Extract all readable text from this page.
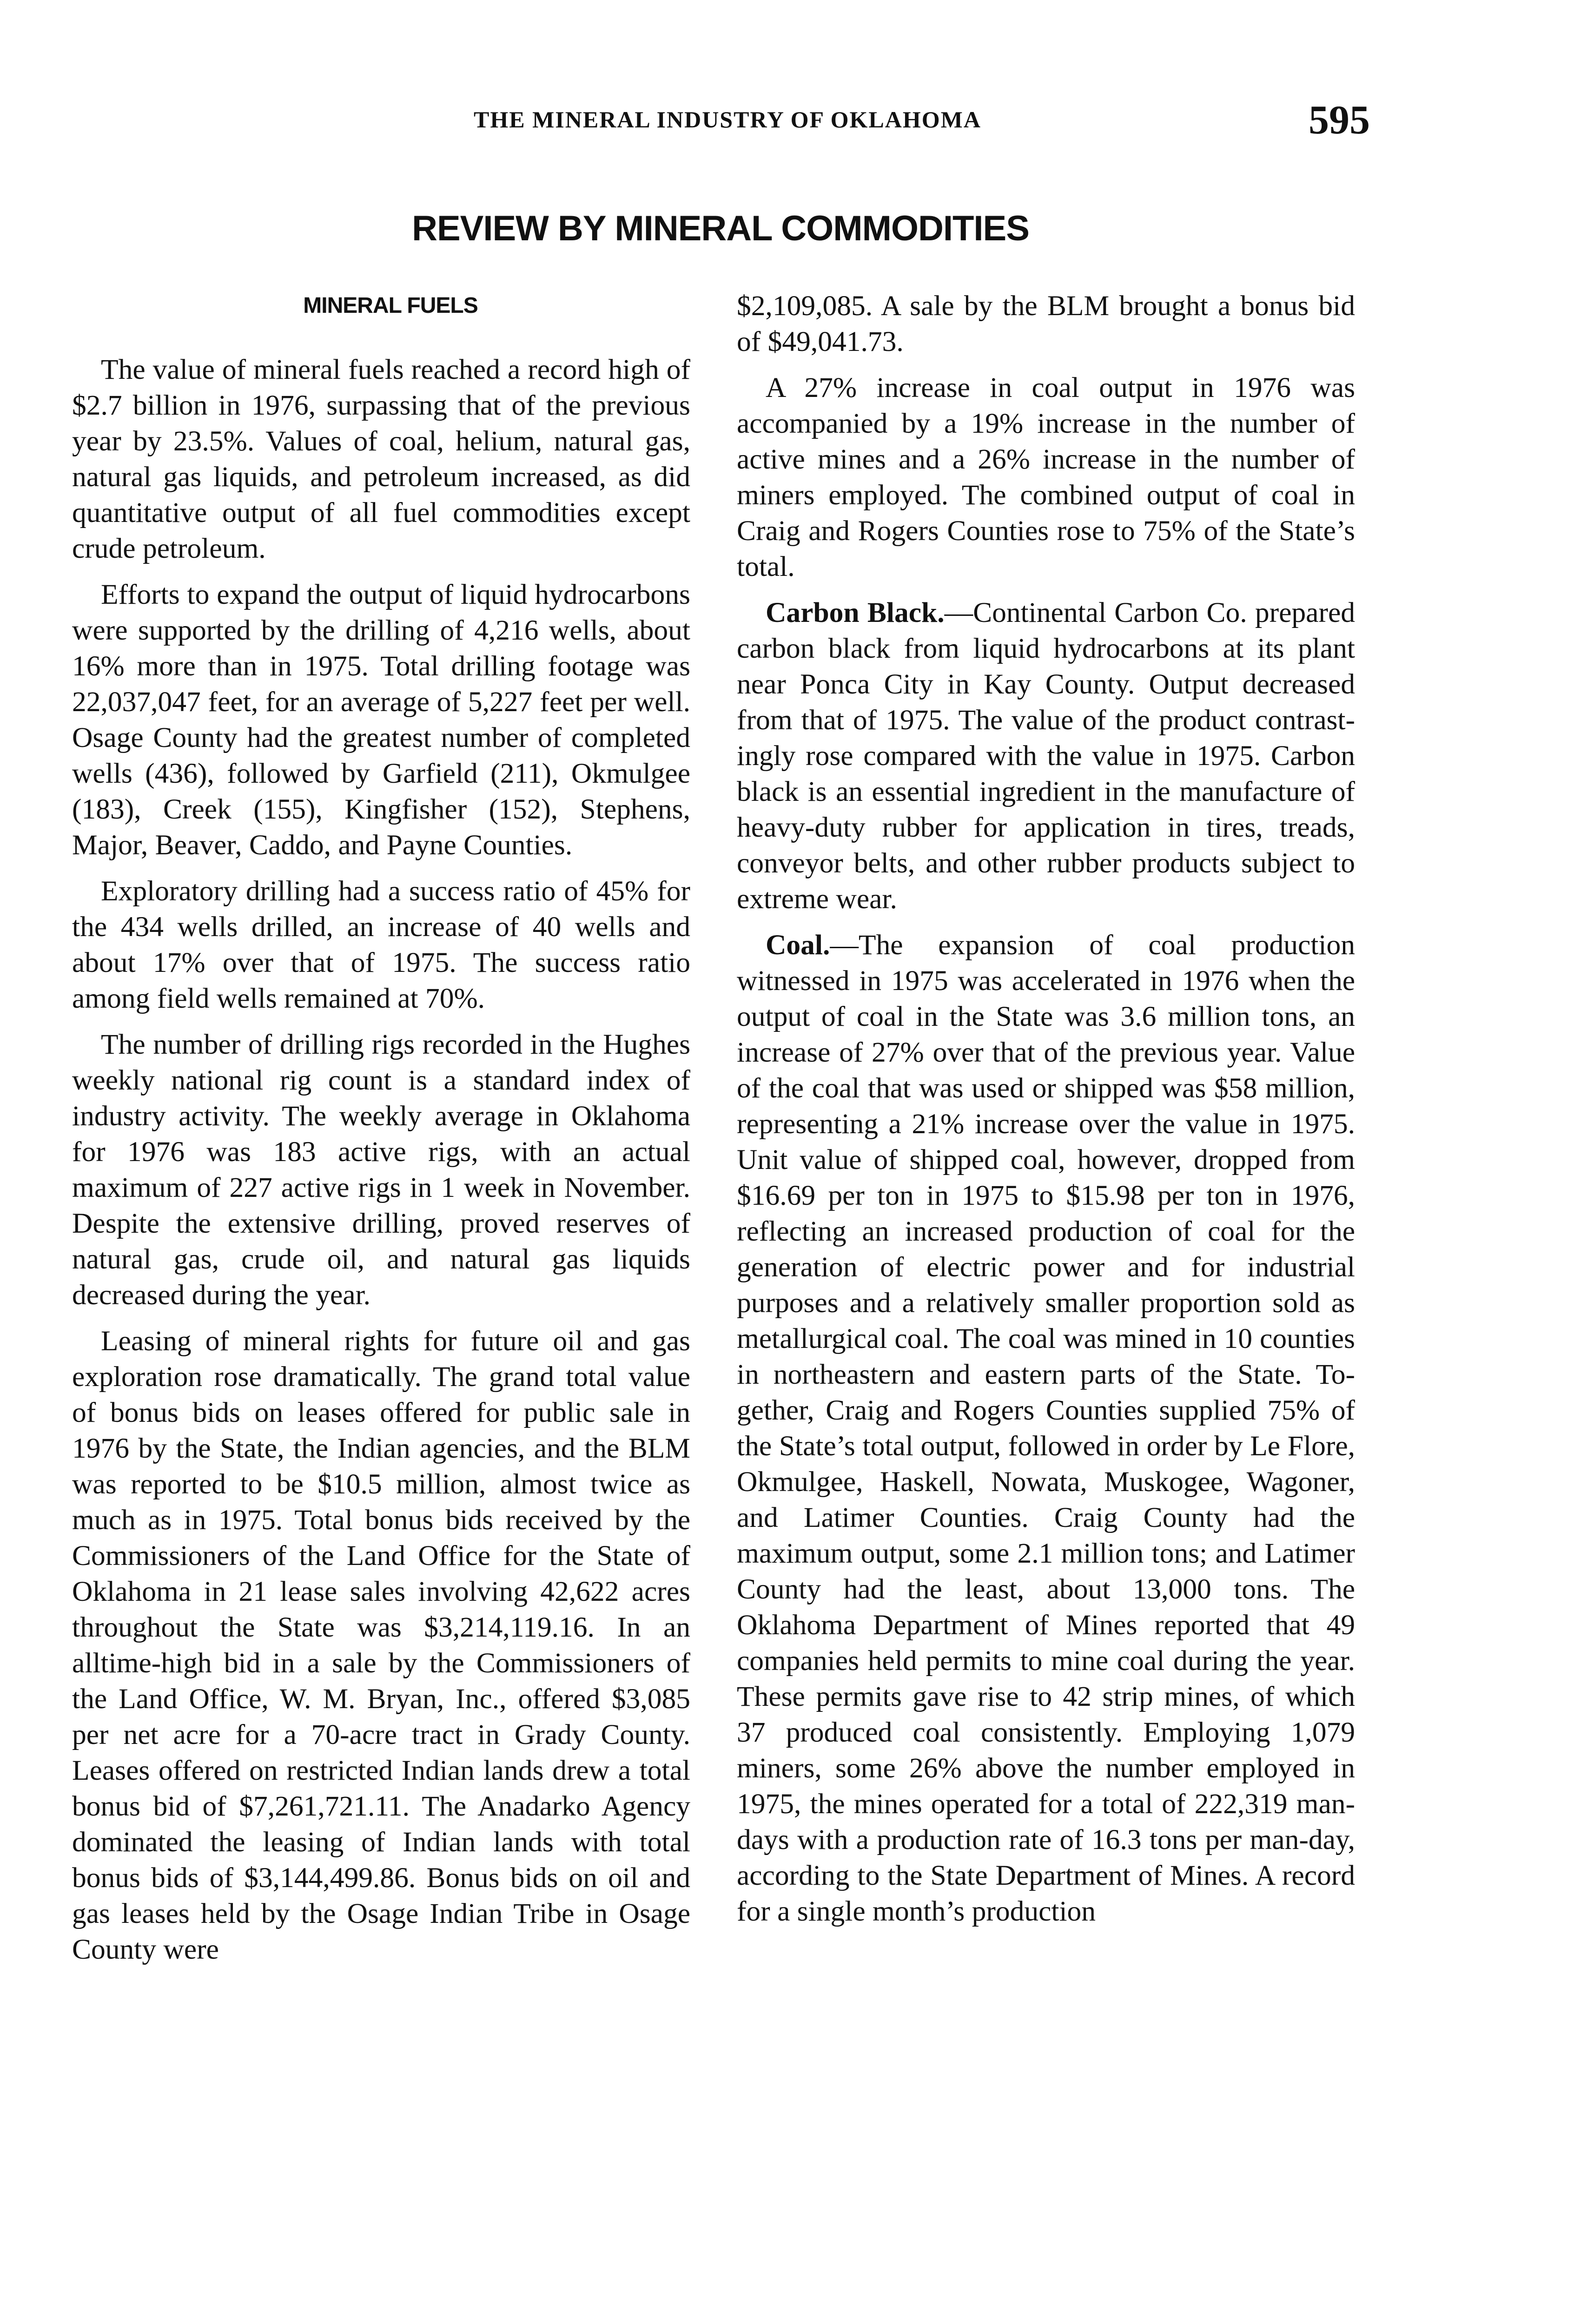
THE MINERAL INDUSTRY OF OKLAHOMA	595
REVIEW BY MINERAL COMMODITIES
MINERAL FUELS

The value of mineral fuels reached a record high of $2.7 billion in 1976, surpassing that of the previous year by 23.5%. Values of coal, helium, natural gas, natural gas liquids, and petroleum increased, as did quantitative output of all fuel commodities except crude petroleum.

Efforts to expand the output of liquid hydrocarbons were supported by the drilling of 4,216 wells, about 16% more than in 1975. Total drilling footage was 22,037,047 feet, for an average of 5,227 feet per well. Osage County had the greatest number of completed wells (436), followed by Garfield (211), Okmulgee (183), Creek (155), Kingfisher (152), Stephens, Major, Beaver, Caddo, and Payne Counties.

Exploratory drilling had a success ratio of 45% for the 434 wells drilled, an increase of 40 wells and about 17% over that of 1975. The success ratio among field wells remained at 70%.

The number of drilling rigs recorded in the Hughes weekly national rig count is a standard index of industry activity. The weekly average in Oklahoma for 1976 was 183 active rigs, with an actual maximum of 227 active rigs in 1 week in November. Despite the extensive drilling, proved reserves of natural gas, crude oil, and natural gas liquids decreased during the year.

Leasing of mineral rights for future oil and gas exploration rose dramatically. The grand total value of bonus bids on leases offered for public sale in 1976 by the State, the Indian agencies, and the BLM was reported to be $10.5 million, almost twice as much as in 1975. Total bonus bids received by the Commissioners of the Land Office for the State of Oklahoma in 21 lease sales involving 42,622 acres throughout the State was $3,214,119.16. In an alltime-high bid in a sale by the Commissioners of the Land Office, W. M. Bryan, Inc., offered $3,085 per net acre for a 70-acre tract in Grady County. Leases offered on restricted Indian lands drew a total bonus bid of $7,261,721.11. The Anadarko Agency dominated the leasing of Indian lands with total bonus bids of $3,144,499.86. Bonus bids on oil and gas leases held by the Osage Indian Tribe in Osage County were

$2,109,085. A sale by the BLM brought a bonus bid of $49,041.73.

A 27% increase in coal output in 1976 was accompanied by a 19% increase in the number of active mines and a 26% increase in the number of miners employed. The combined output of coal in Craig and Rogers Counties rose to 75% of the State’s total.

Carbon Black.—Continental Carbon Co. prepared carbon black from liquid hydrocarbons at its plant near Ponca City in Kay County. Output decreased from that of 1975. The value of the product contrastingly rose compared with the value in 1975. Carbon black is an essential ingredient in the manufacture of heavy-duty rubber for application in tires, treads, conveyor belts, and other rubber products subject to extreme wear.

Coal.—The expansion of coal production witnessed in 1975 was accelerated in 1976 when the output of coal in the State was 3.6 million tons, an increase of 27% over that of the previous year. Value of the coal that was used or shipped was $58 million, representing a 21% increase over the value in 1975. Unit value of shipped coal, however, dropped from $16.69 per ton in 1975 to $15.98 per ton in 1976, reflecting an increased production of coal for the generation of electric power and for industrial purposes and a relatively smaller proportion sold as metallurgical coal. The coal was mined in 10 counties in northeastern and eastern parts of the State. Together, Craig and Rogers Counties supplied 75% of the State’s total output, followed in order by Le Flore, Okmulgee, Haskell, Nowata, Muskogee, Wagoner, and Latimer Counties. Craig County had the maximum output, some 2.1 million tons; and Latimer County had the least, about 13,000 tons. The Oklahoma Department of Mines reported that 49 companies held permits to mine coal during the year. These permits gave rise to 42 strip mines, of which 37 produced coal consistently. Employing 1,079 miners, some 26% above the number employed in 1975, the mines operated for a total of 222,319 man-days with a production rate of 16.3 tons per man-day, according to the State Department of Mines. A record for a single month’s production
